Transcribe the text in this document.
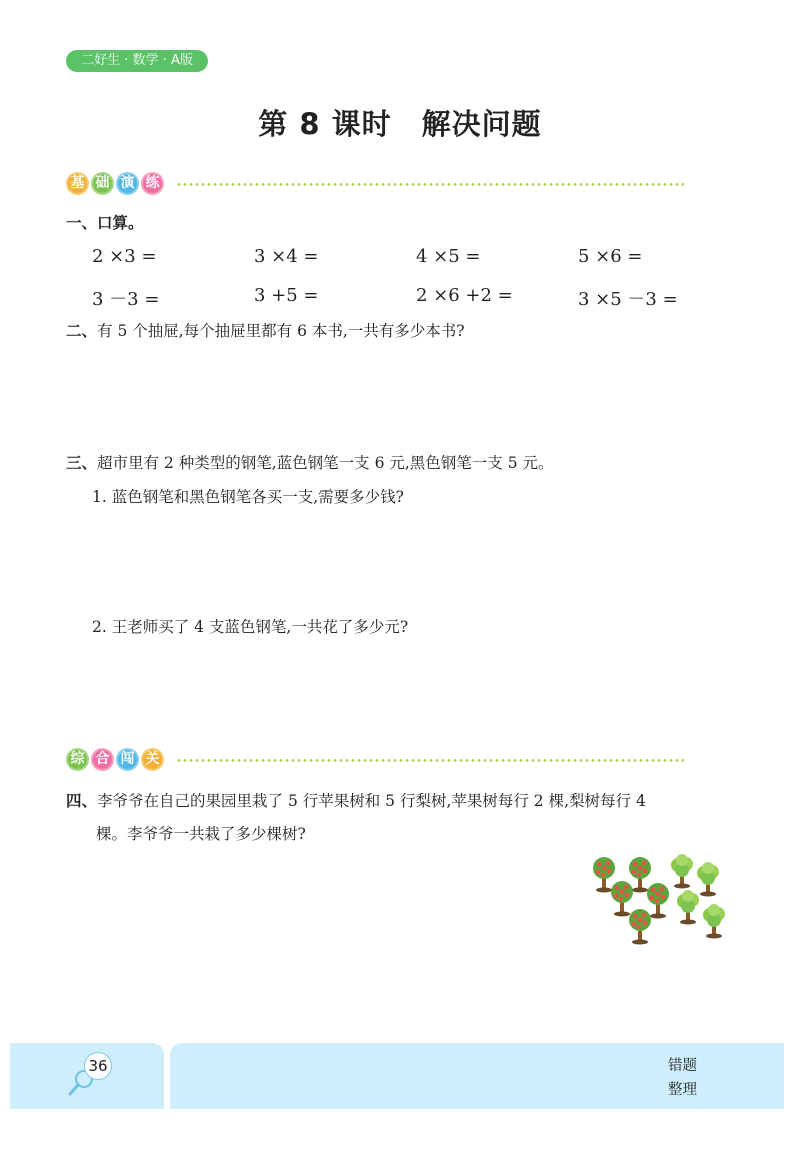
二好生 · 数学 · A版
第 8 课时 解决问题
基 础 演 练
一、口算。
2 ×3 =	3 ×4 =	4 ×5 =	5 ×6 =
3 －3 =	3 +5 =	2 ×6 +2 =	3 ×5 －3 =
二、有 5 个抽屉,每个抽屉里都有 6 本书,一共有多少本书?
三、超市里有 2 种类型的钢笔,蓝色钢笔一支 6 元,黑色钢笔一支 5 元。
1. 蓝色钢笔和黑色钢笔各买一支,需要多少钱?
2. 王老师买了 4 支蓝色钢笔,一共花了多少元?
综 合 闯 关
四、李爷爷在自己的果园里栽了 5 行苹果树和 5 行梨树,苹果树每行 2 棵,梨树每行 4
棵。李爷爷一共栽了多少棵树?
36	错题
整理
